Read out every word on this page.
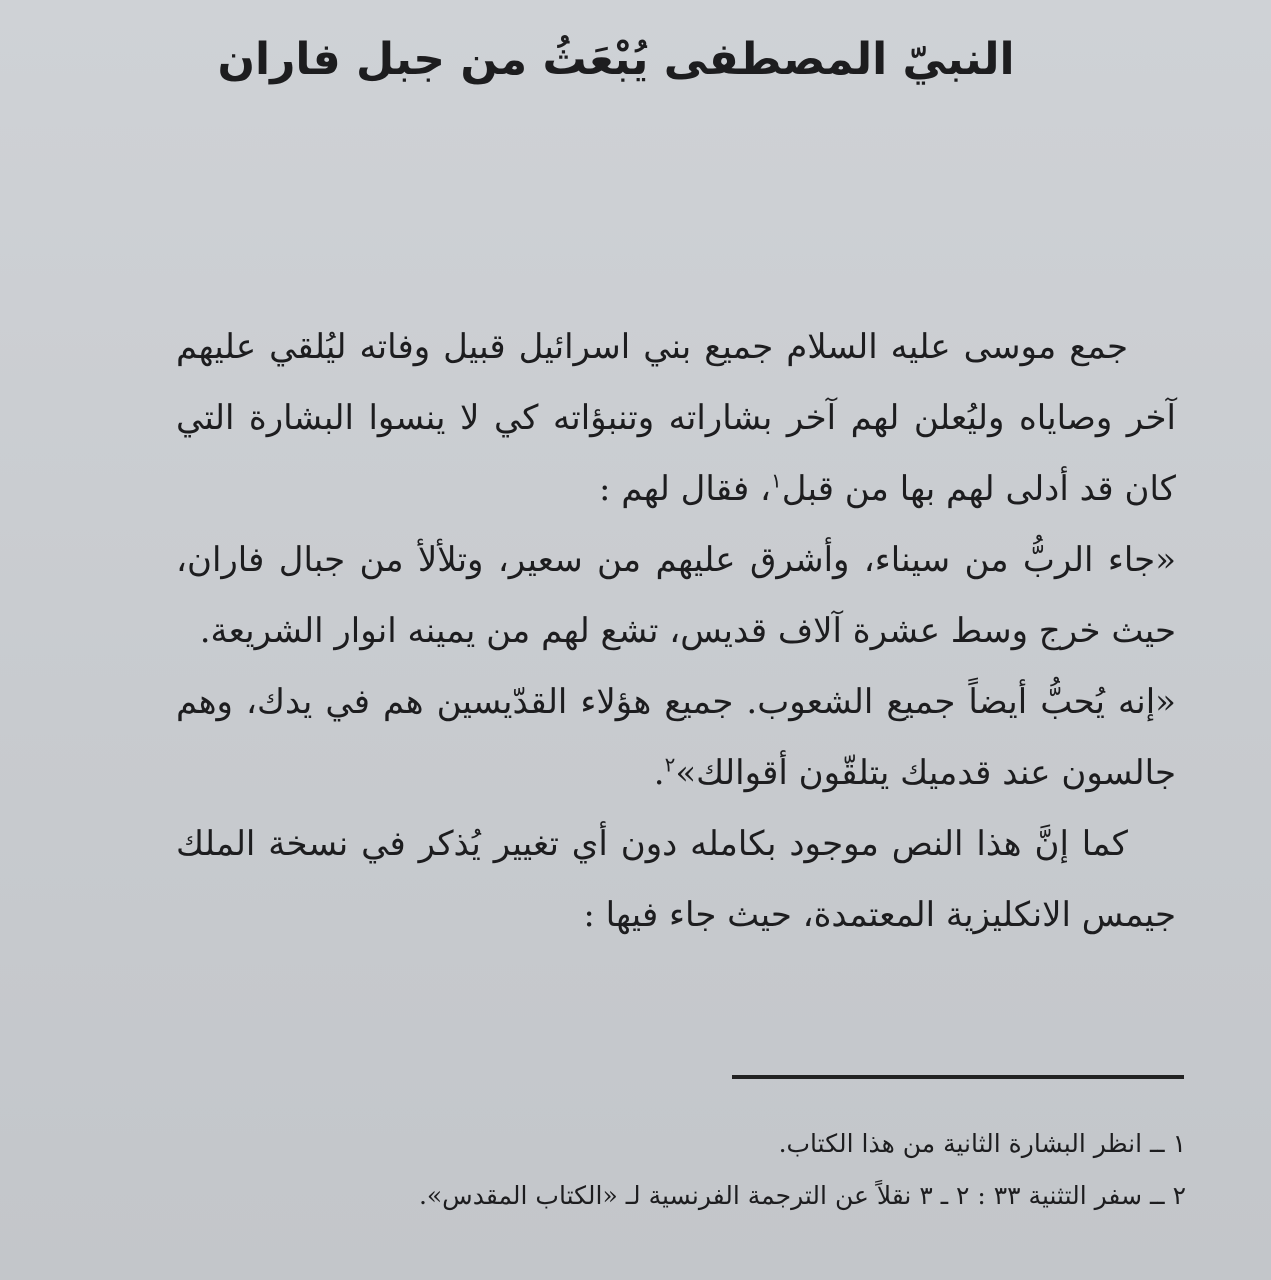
النبيّ المصطفى يُبْعَثُ من جبل فاران

جمع موسى عليه السلام جميع بني اسرائيل قبيل وفاته ليُلقي عليهم آخر وصاياه وليُعلن لهم آخر بشاراته وتنبؤاته كي لا ينسوا البشارة التي كان قد أدلى لهم بها من قبل$^١$، فقال لهم :

«جاء الربُّ من سيناء، وأشرق عليهم من سعير، وتلألأ من جبال فاران، حيث خرج وسط عشرة آلاف قديس، تشع لهم من يمينه انوار الشريعة.

«إنه يُحبُّ أيضاً جميع الشعوب. جميع هؤلاء القدّيسين هم في يدك، وهم جالسون عند قدميك يتلقّون أقوالك»$^٢$.

كما إنَّ هذا النص موجود بكامله دون أي تغيير يُذكر في نسخة الملك جيمس الانكليزية المعتمدة، حيث جاء فيها :

١ ــ انظر البشارة الثانية من هذا الكتاب.

٢ ــ سفر التثنية ٣٣ : ٢ ـ ٣ نقلاً عن الترجمة الفرنسية لـ «الكتاب المقدس».
